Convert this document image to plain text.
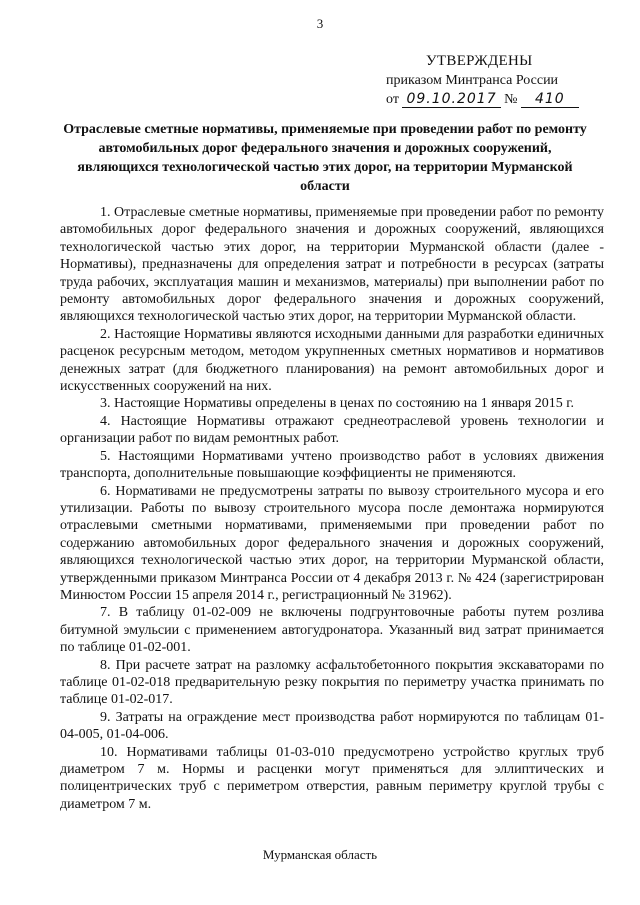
3
УТВЕРЖДЕНЫ
приказом Минтранса России
от 09.10.2017 № 410
Отраслевые сметные нормативы, применяемые при проведении работ по ремонту автомобильных дорог федерального значения и дорожных сооружений, являющихся технологической частью этих дорог, на территории Мурманской области

1. Отраслевые сметные нормативы, применяемые при проведении работ по ремонту автомобильных дорог федерального значения и дорожных сооружений, являющихся технологической частью этих дорог, на территории Мурманской области (далее - Нормативы), предназначены для определения затрат и потребности в ресурсах (затраты труда рабочих, эксплуатация машин и механизмов, материалы) при выполнении работ по ремонту автомобильных дорог федерального значения и дорожных сооружений, являющихся технологической частью этих дорог, на территории Мурманской области.

2. Настоящие Нормативы являются исходными данными для разработки единичных расценок ресурсным методом, методом укрупненных сметных нормативов и нормативов денежных затрат (для бюджетного планирования) на ремонт автомобильных дорог и искусственных сооружений на них.

3. Настоящие Нормативы определены в ценах по состоянию на 1 января 2015 г.

4. Настоящие Нормативы отражают среднеотраслевой уровень технологии и организации работ по видам ремонтных работ.

5. Настоящими Нормативами учтено производство работ в условиях движения транспорта, дополнительные повышающие коэффициенты не применяются.

6. Нормативами не предусмотрены затраты по вывозу строительного мусора и его утилизации. Работы по вывозу строительного мусора после демонтажа нормируются отраслевыми сметными нормативами, применяемыми при проведении работ по содержанию автомобильных дорог федерального значения и дорожных сооружений, являющихся технологической частью этих дорог, на территории Мурманской области, утвержденными приказом Минтранса России от 4 декабря 2013 г. № 424 (зарегистрирован Минюстом России 15 апреля 2014 г., регистрационный № 31962).

7. В таблицу 01-02-009 не включены подгрунтовочные работы путем розлива битумной эмульсии с применением автогудронатора. Указанный вид затрат принимается по таблице 01-02-001.

8. При расчете затрат на разломку асфальтобетонного покрытия экскаваторами по таблице 01-02-018 предварительную резку покрытия по периметру участка принимать по таблице 01-02-017.

9. Затраты на ограждение мест производства работ нормируются по таблицам 01-04-005, 01-04-006.

10. Нормативами таблицы 01-03-010 предусмотрено устройство круглых труб диаметром 7 м. Нормы и расценки могут применяться для эллиптических и полицентрических труб с периметром отверстия, равным периметру круглой трубы с диаметром 7 м.

Мурманская область
